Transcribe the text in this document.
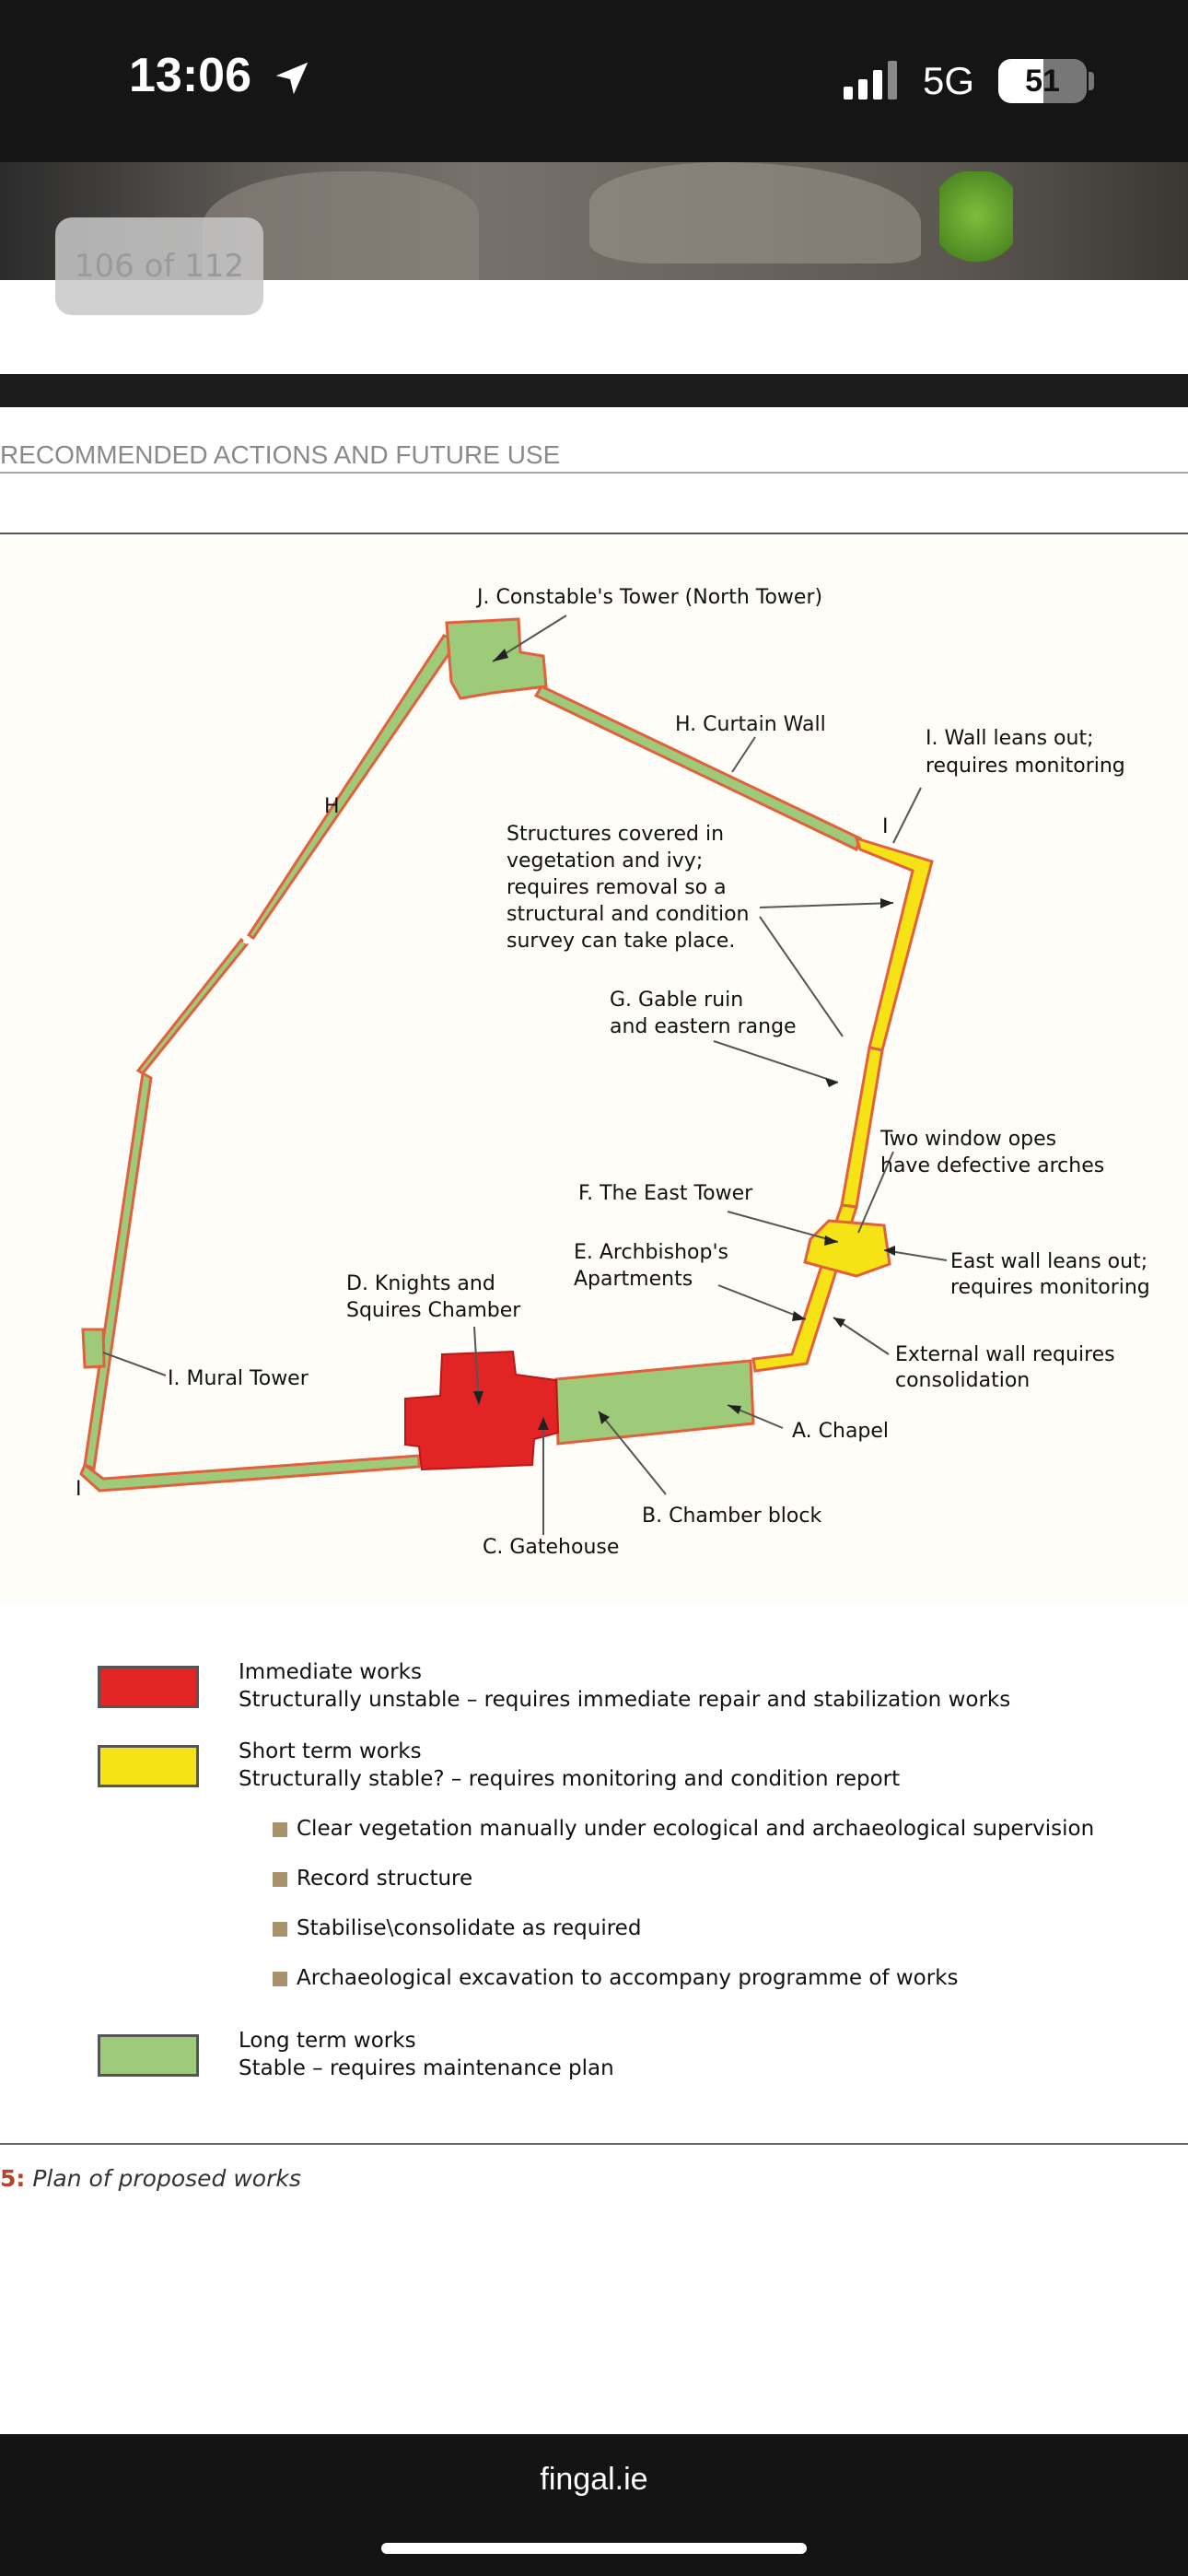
13:06	5G	51
106 of 112
RECOMMENDED ACTIONS AND FUTURE USE
J. Constable's Tower (North Tower)
H. Curtain Wall
H
I. Wall leans out;
requires monitoring
I
Structures covered in
vegetation and ivy;
requires removal so a
structural and condition
survey can take place.
G. Gable ruin
and eastern range
Two window opes
have defective arches
F. The East Tower
East wall leans out;
requires monitoring
E. Archbishop's
Apartments
D. Knights and
Squires Chamber
External wall requires
consolidation
I. Mural Tower
A. Chapel
I
B. Chamber block
C. Gatehouse
Immediate works
Structurally unstable – requires immediate repair and stabilization works
Short term works
Structurally stable? – requires monitoring and condition report
Clear vegetation manually under ecological and archaeological supervision
Record structure
Stabilise\consolidate as required
Archaeological excavation to accompany programme of works
Long term works
Stable – requires maintenance plan
5: Plan of proposed works
fingal.ie
